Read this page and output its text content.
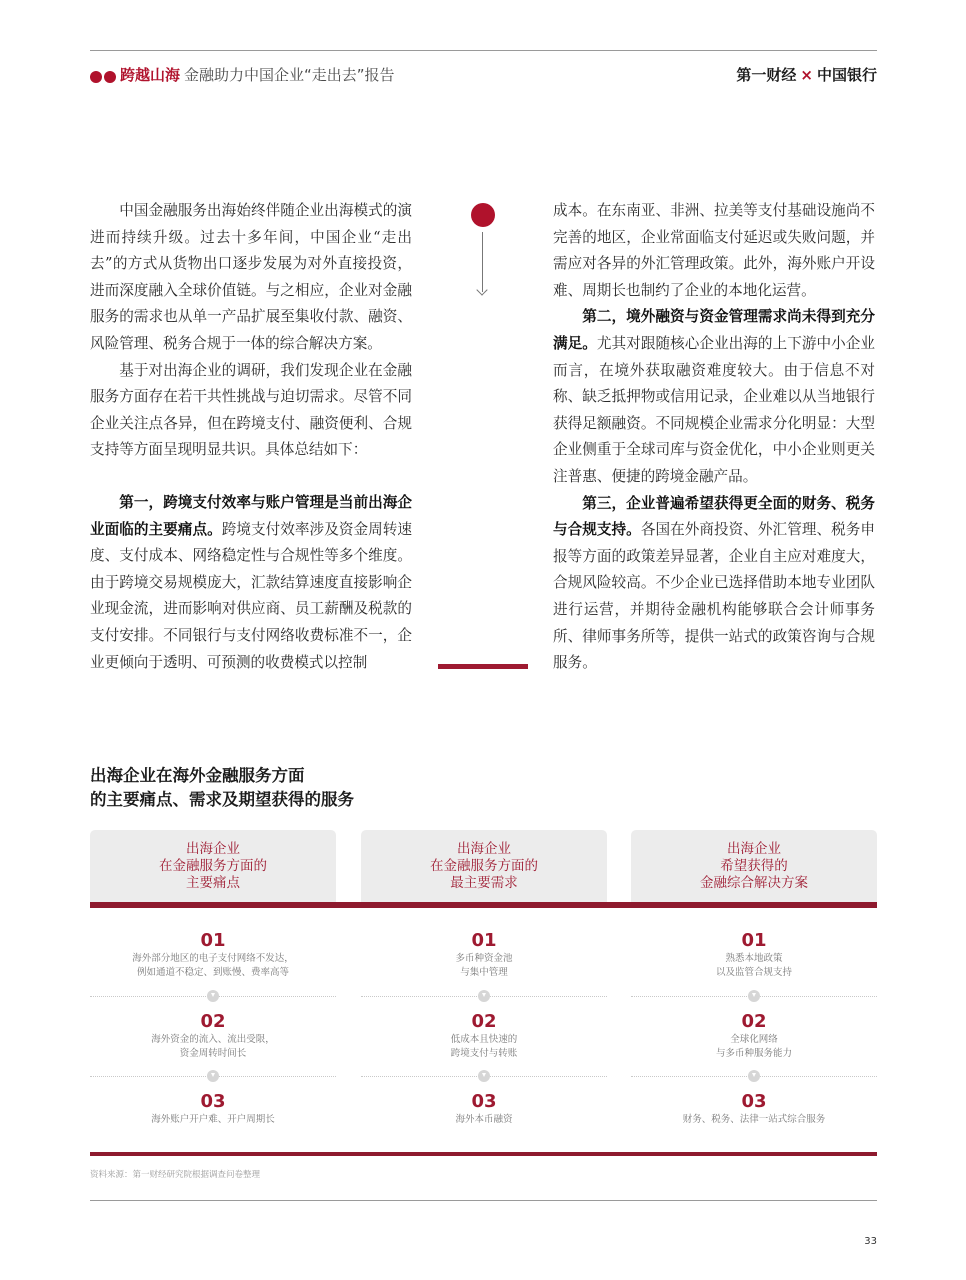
跨越山海 金融助力中国企业“走出去”报告	第一财经 × 中国银行

中国金融服务出海始终伴随企业出海模式的演进而持续升级。过去十多年间，中国企业“走出去”的方式从货物出口逐步发展为对外直接投资，进而深度融入全球价值链。与之相应，企业对金融服务的需求也从单一产品扩展至集收付款、融资、风险管理、税务合规于一体的综合解决方案。

基于对出海企业的调研，我们发现企业在金融服务方面存在若干共性挑战与迫切需求。尽管不同企业关注点各异，但在跨境支付、融资便利、合规支持等方面呈现明显共识。具体总结如下：

第一，跨境支付效率与账户管理是当前出海企业面临的主要痛点。跨境支付效率涉及资金周转速度、支付成本、网络稳定性与合规性等多个维度。由于跨境交易规模庞大，汇款结算速度直接影响企业现金流，进而影响对供应商、员工薪酬及税款的支付安排。不同银行与支付网络收费标准不一，企业更倾向于透明、可预测的收费模式以控制

成本。在东南亚、非洲、拉美等支付基础设施尚不完善的地区，企业常面临支付延迟或失败问题，并需应对各异的外汇管理政策。此外，海外账户开设难、周期长也制约了企业的本地化运营。

第二，境外融资与资金管理需求尚未得到充分满足。尤其对跟随核心企业出海的上下游中小企业而言，在境外获取融资难度较大。由于信息不对称、缺乏抵押物或信用记录，企业难以从当地银行获得足额融资。不同规模企业需求分化明显：大型企业侧重于全球司库与资金优化，中小企业则更关注普惠、便捷的跨境金融产品。

第三，企业普遍希望获得更全面的财务、税务与合规支持。各国在外商投资、外汇管理、税务申报等方面的政策差异显著，企业自主应对难度大，合规风险较高。不少企业已选择借助本地专业团队进行运营，并期待金融机构能够联合会计师事务所、律师事务所等，提供一站式的政策咨询与合规服务。

出海企业在海外金融服务方面
的主要痛点、需求及期望获得的服务
出海企业
在金融服务方面的
主要痛点
01
海外部分地区的电子支付网络不发达，
例如通道不稳定、到账慢、费率高等
02
海外资金的流入、流出受限，
资金周转时间长
03
海外账户开户难、开户周期长
出海企业
在金融服务方面的
最主要需求
01
多币种资金池
与集中管理
02
低成本且快速的
跨境支付与转账
03
海外本币融资
出海企业
希望获得的
金融综合解决方案
01
熟悉本地政策
以及监管合规支持
02
全球化网络
与多币种服务能力
03
财务、税务、法律一站式综合服务
资料来源：第一财经研究院根据调查问卷整理
33
